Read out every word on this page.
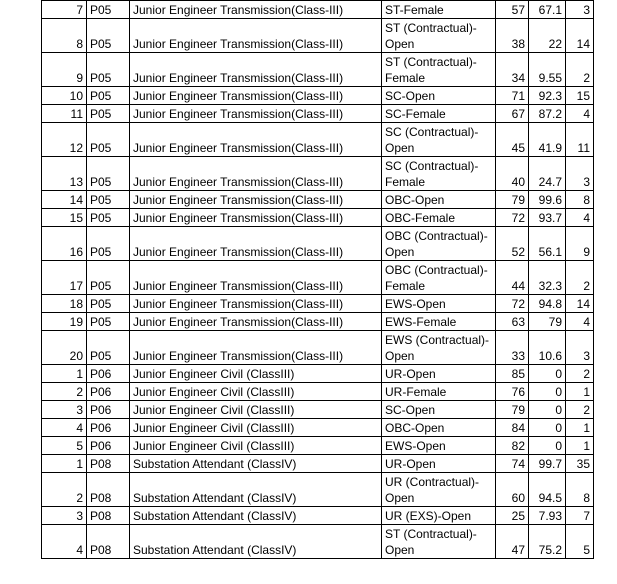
7	P05	Junior Engineer Transmission(Class-III)	ST-Female	57	67.1	3
8	P05	Junior Engineer Transmission(Class-III)	ST (Contractual)-Open	38	22	14
9	P05	Junior Engineer Transmission(Class-III)	ST (Contractual)-Female	34	9.55	2
10	P05	Junior Engineer Transmission(Class-III)	SC-Open	71	92.3	15
11	P05	Junior Engineer Transmission(Class-III)	SC-Female	67	87.2	4
12	P05	Junior Engineer Transmission(Class-III)	SC (Contractual)-Open	45	41.9	11
13	P05	Junior Engineer Transmission(Class-III)	SC (Contractual)-Female	40	24.7	3
14	P05	Junior Engineer Transmission(Class-III)	OBC-Open	79	99.6	8
15	P05	Junior Engineer Transmission(Class-III)	OBC-Female	72	93.7	4
16	P05	Junior Engineer Transmission(Class-III)	OBC (Contractual)-Open	52	56.1	9
17	P05	Junior Engineer Transmission(Class-III)	OBC (Contractual)-Female	44	32.3	2
18	P05	Junior Engineer Transmission(Class-III)	EWS-Open	72	94.8	14
19	P05	Junior Engineer Transmission(Class-III)	EWS-Female	63	79	4
20	P05	Junior Engineer Transmission(Class-III)	EWS (Contractual)-Open	33	10.6	3
1	P06	Junior Engineer Civil (ClassIII)	UR-Open	85	0	2
2	P06	Junior Engineer Civil (ClassIII)	UR-Female	76	0	1
3	P06	Junior Engineer Civil (ClassIII)	SC-Open	79	0	2
4	P06	Junior Engineer Civil (ClassIII)	OBC-Open	84	0	1
5	P06	Junior Engineer Civil (ClassIII)	EWS-Open	82	0	1
1	P08	Substation Attendant (ClassIV)	UR-Open	74	99.7	35
2	P08	Substation Attendant (ClassIV)	UR (Contractual)-Open	60	94.5	8
3	P08	Substation Attendant (ClassIV)	UR (EXS)-Open	25	7.93	7
4	P08	Substation Attendant (ClassIV)	ST (Contractual)-Open	47	75.2	5
